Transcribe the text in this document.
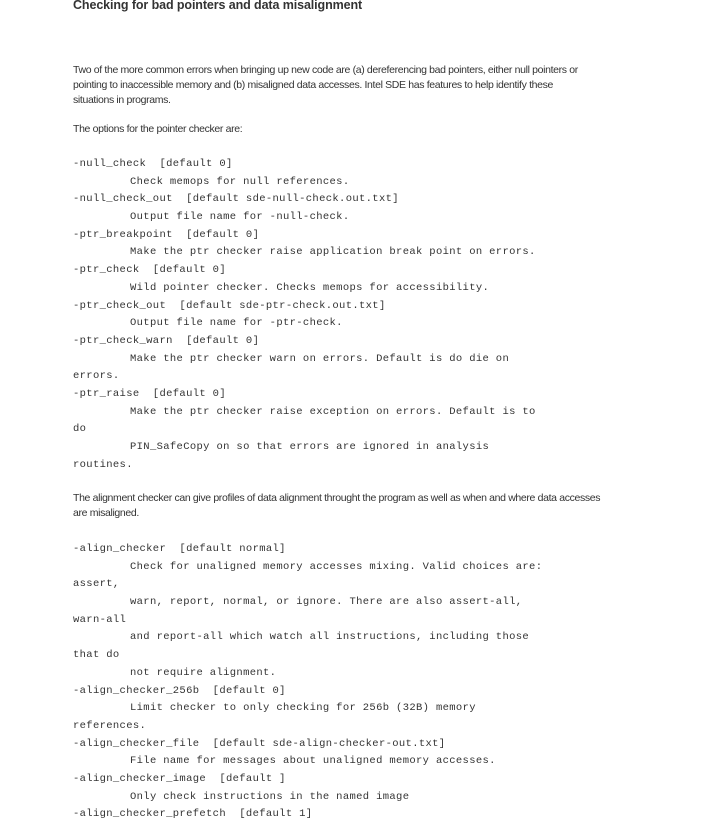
Checking for bad pointers and data misalignment

Two of the more common errors when bringing up new code are (a) dereferencing bad pointers, either null pointers or pointing to inaccessible memory and (b) misaligned data accesses. Intel SDE has features to help identify these situations in programs.

The options for the pointer checker are:

-null_check  [default 0]
Check memops for null references.
-null_check_out  [default sde-null-check.out.txt]
Output file name for -null-check.
-ptr_breakpoint  [default 0]
Make the ptr checker raise application break point on errors.
-ptr_check  [default 0]
Wild pointer checker. Checks memops for accessibility.
-ptr_check_out  [default sde-ptr-check.out.txt]
Output file name for -ptr-check.
-ptr_check_warn  [default 0]
Make the ptr checker warn on errors. Default is do die on
errors.
-ptr_raise  [default 0]
Make the ptr checker raise exception on errors. Default is to
do
PIN_SafeCopy on so that errors are ignored in analysis
routines.

The alignment checker can give profiles of data alignment throught the program as well as when and where data accesses are misaligned.

-align_checker  [default normal]
Check for unaligned memory accesses mixing. Valid choices are:
assert,
warn, report, normal, or ignore. There are also assert-all,
warn-all
and report-all which watch all instructions, including those
that do
not require alignment.
-align_checker_256b  [default 0]
Limit checker to only checking for 256b (32B) memory
references.
-align_checker_file  [default sde-align-checker-out.txt]
File name for messages about unaligned memory accesses.
-align_checker_image  [default ]
Only check instructions in the named image
-align_checker_prefetch  [default 1]
